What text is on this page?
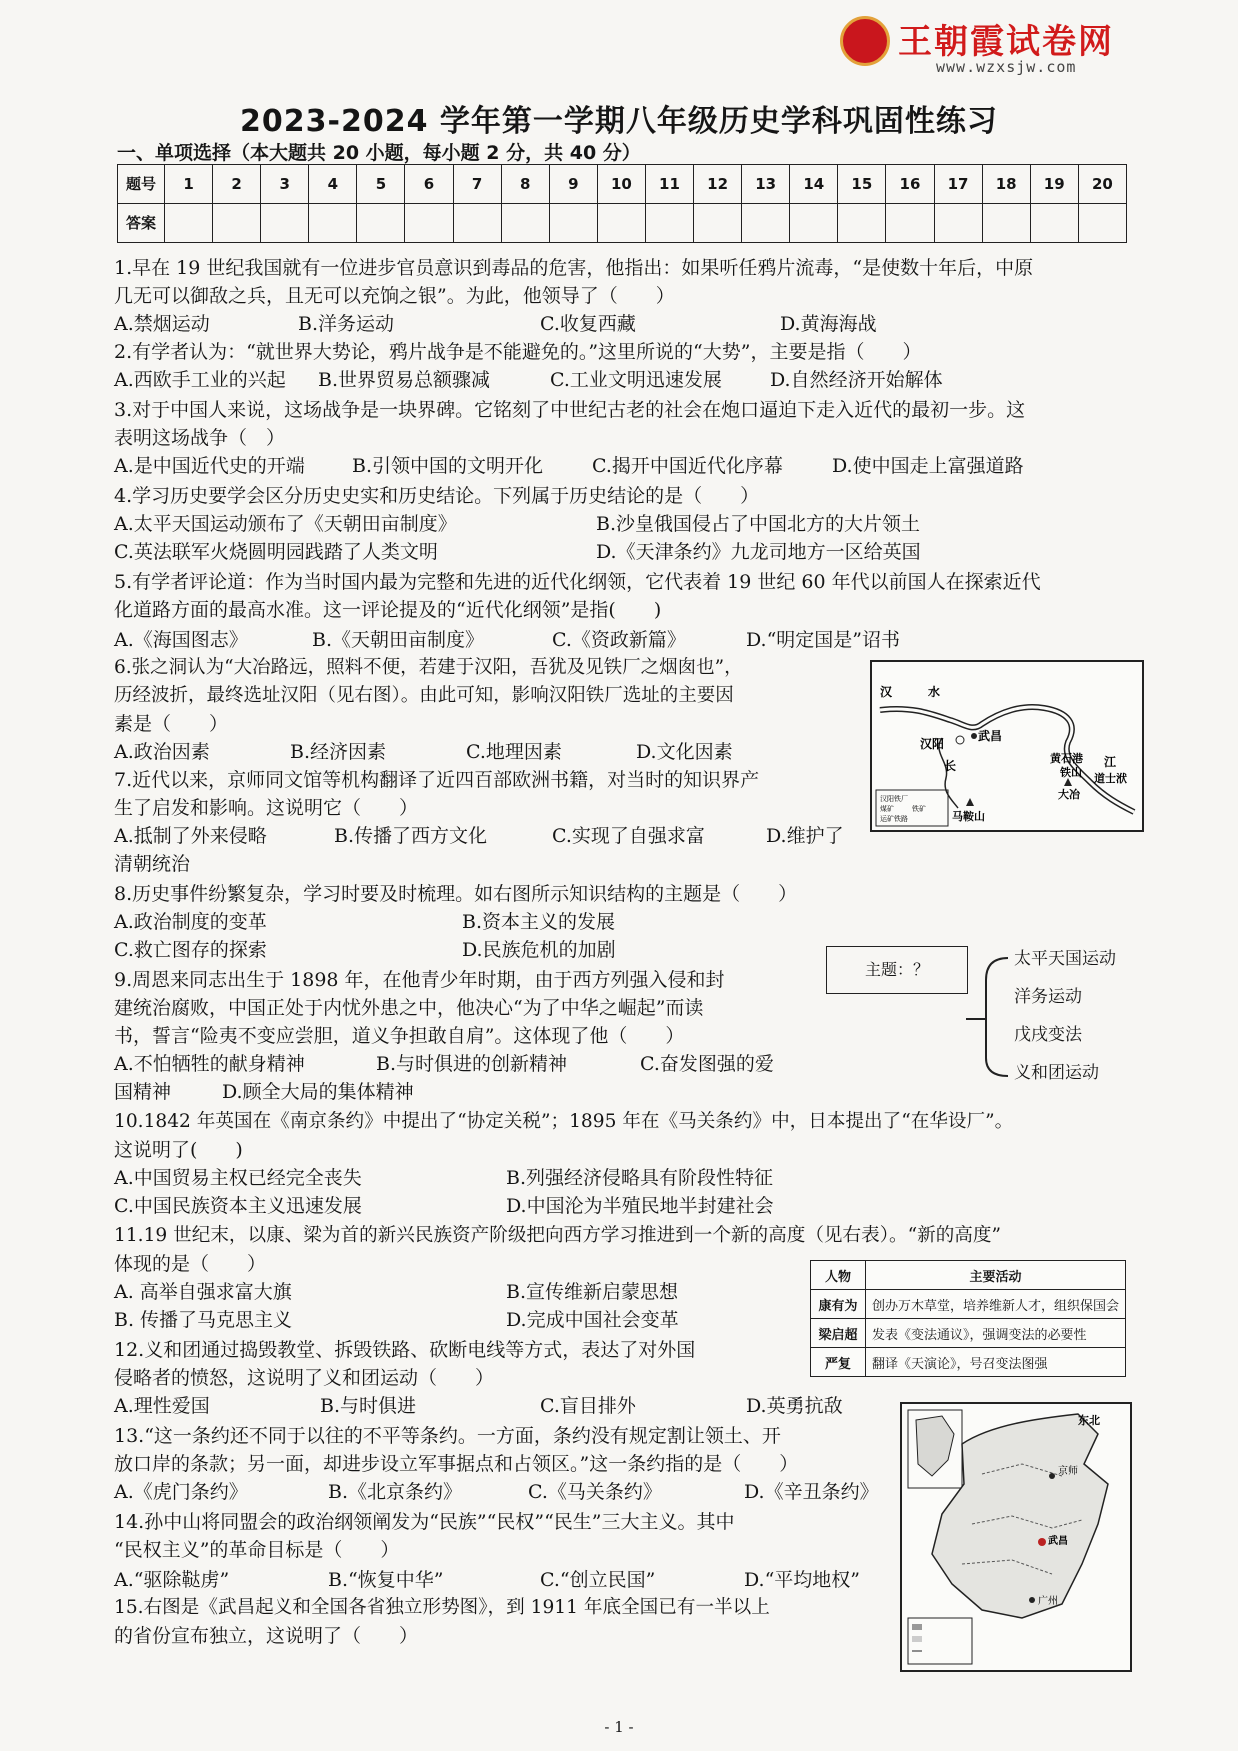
王朝霞试卷网
www.wzxsjw.com
2023-2024 学年第一学期八年级历史学科巩固性练习
一、单项选择（本大题共 20 小题，每小题 2 分，共 40 分）
题号	1	2	3	4	5	6	7	8	9	10	11	12	13	14	15	16	17	18	19	20
答案																				
1.早在 19 世纪我国就有一位进步官员意识到毒品的危害，他指出：如果听任鸦片流毒，“是使数十年后，中原
几无可以御敌之兵，且无可以充饷之银”。为此，他领导了（　　）
A.禁烟运动	B.洋务运动	C.收复西藏	D.黄海海战
2.有学者认为：“就世界大势论，鸦片战争是不能避免的。”这里所说的“大势”，主要是指（　　）
A.西欧手工业的兴起 B.世界贸易总额骤减	C.工业文明迅速发展	D.自然经济开始解体
3.对于中国人来说，这场战争是一块界碑。它铭刻了中世纪古老的社会在炮口逼迫下走入近代的最初一步。这
表明这场战争（　）
A.是中国近代史的开端 B.引领中国的文明开化	C.揭开中国近代化序幕	D.使中国走上富强道路
4.学习历史要学会区分历史史实和历史结论。下列属于历史结论的是（　　）
A.太平天国运动颁布了《天朝田亩制度》	B.沙皇俄国侵占了中国北方的大片领土
C.英法联军火烧圆明园践踏了人类文明	D.《天津条约》九龙司地方一区给英国
5.有学者评论道：作为当时国内最为完整和先进的近代化纲领，它代表着 19 世纪 60 年代以前国人在探索近代
化道路方面的最高水准。这一评论提及的“近代化纲领”是指(　　)
A.《海国图志》	B.《天朝田亩制度》	C.《资政新篇》	D.“明定国是”诏书
6.张之洞认为“大冶路远，照料不便，若建于汉阳，吾犹及见铁厂之烟囱也”，
历经波折，最终选址汉阳（见右图）。由此可知，影响汉阳铁厂选址的主要因
素是（　　）
A.政治因素	B.经济因素	C.地理因素	D.文化因素
汉	水
汉阳
武昌
长
黄石港
铁山
江
道士洑
大冶
马鞍山
汉阳铁厂
煤矿	铁矿
运矿铁路
7.近代以来，京师同文馆等机构翻译了近四百部欧洲书籍，对当时的知识界产
生了启发和影响。这说明它（　　）
A.抵制了外来侵略	B.传播了西方文化	C.实现了自强求富	D.维护了
清朝统治
8.历史事件纷繁复杂，学习时要及时梳理。如右图所示知识结构的主题是（　　）
A.政治制度的变革	B.资本主义的发展
C.救亡图存的探索	D.民族危机的加剧
主题：？
太平天国运动
洋务运动
戊戌变法
义和团运动
9.周恩来同志出生于 1898 年，在他青少年时期，由于西方列强入侵和封
建统治腐败，中国正处于内忧外患之中，他决心“为了中华之崛起”而读
书，誓言“险夷不变应尝胆，道义争担敢自肩”。这体现了他（　　）
A.不怕牺牲的献身精神	B.与时俱进的创新精神	C.奋发图强的爱
国精神	D.顾全大局的集体精神
10.1842 年英国在《南京条约》中提出了“协定关税”；1895 年在《马关条约》中，日本提出了“在华设厂”。
这说明了(　　)
A.中国贸易主权已经完全丧失	B.列强经济侵略具有阶段性特征
C.中国民族资本主义迅速发展	D.中国沦为半殖民地半封建社会
11.19 世纪末，以康、梁为首的新兴民族资产阶级把向西方学习推进到一个新的高度（见右表）。“新的高度”
体现的是（　　）
A. 高举自强求富大旗	B.宣传维新启蒙思想
B. 传播了马克思主义	D.完成中国社会变革
人物	主要活动
康有为	创办万木草堂，培养维新人才，组织保国会
梁启超	发表《变法通议》，强调变法的必要性
严复	翻译《天演论》，号召变法图强
12.义和团通过捣毁教堂、拆毁铁路、砍断电线等方式，表达了对外国
侵略者的愤怒，这说明了义和团运动（　　）
A.理性爱国	B.与时俱进	C.盲目排外	D.英勇抗敌
13.“这一条约还不同于以往的不平等条约。一方面，条约没有规定割让领土、开
放口岸的条款；另一面，却进步设立军事据点和占领区。”这一条约指的是（　　）
A.《虎门条约》	B.《北京条约》	C.《马关条约》	D.《辛丑条约》
14.孙中山将同盟会的政治纲领阐发为“民族”“民权”“民生”三大主义。其中
“民权主义”的革命目标是（　　）
A.“驱除鞑虏”	B.“恢复中华”	C.“创立民国”	D.“平均地权”
15.右图是《武昌起义和全国各省独立形势图》，到 1911 年底全国已有一半以上
的省份宣布独立，这说明了（　　）
东北
京师
武昌
广州
- 1 -
